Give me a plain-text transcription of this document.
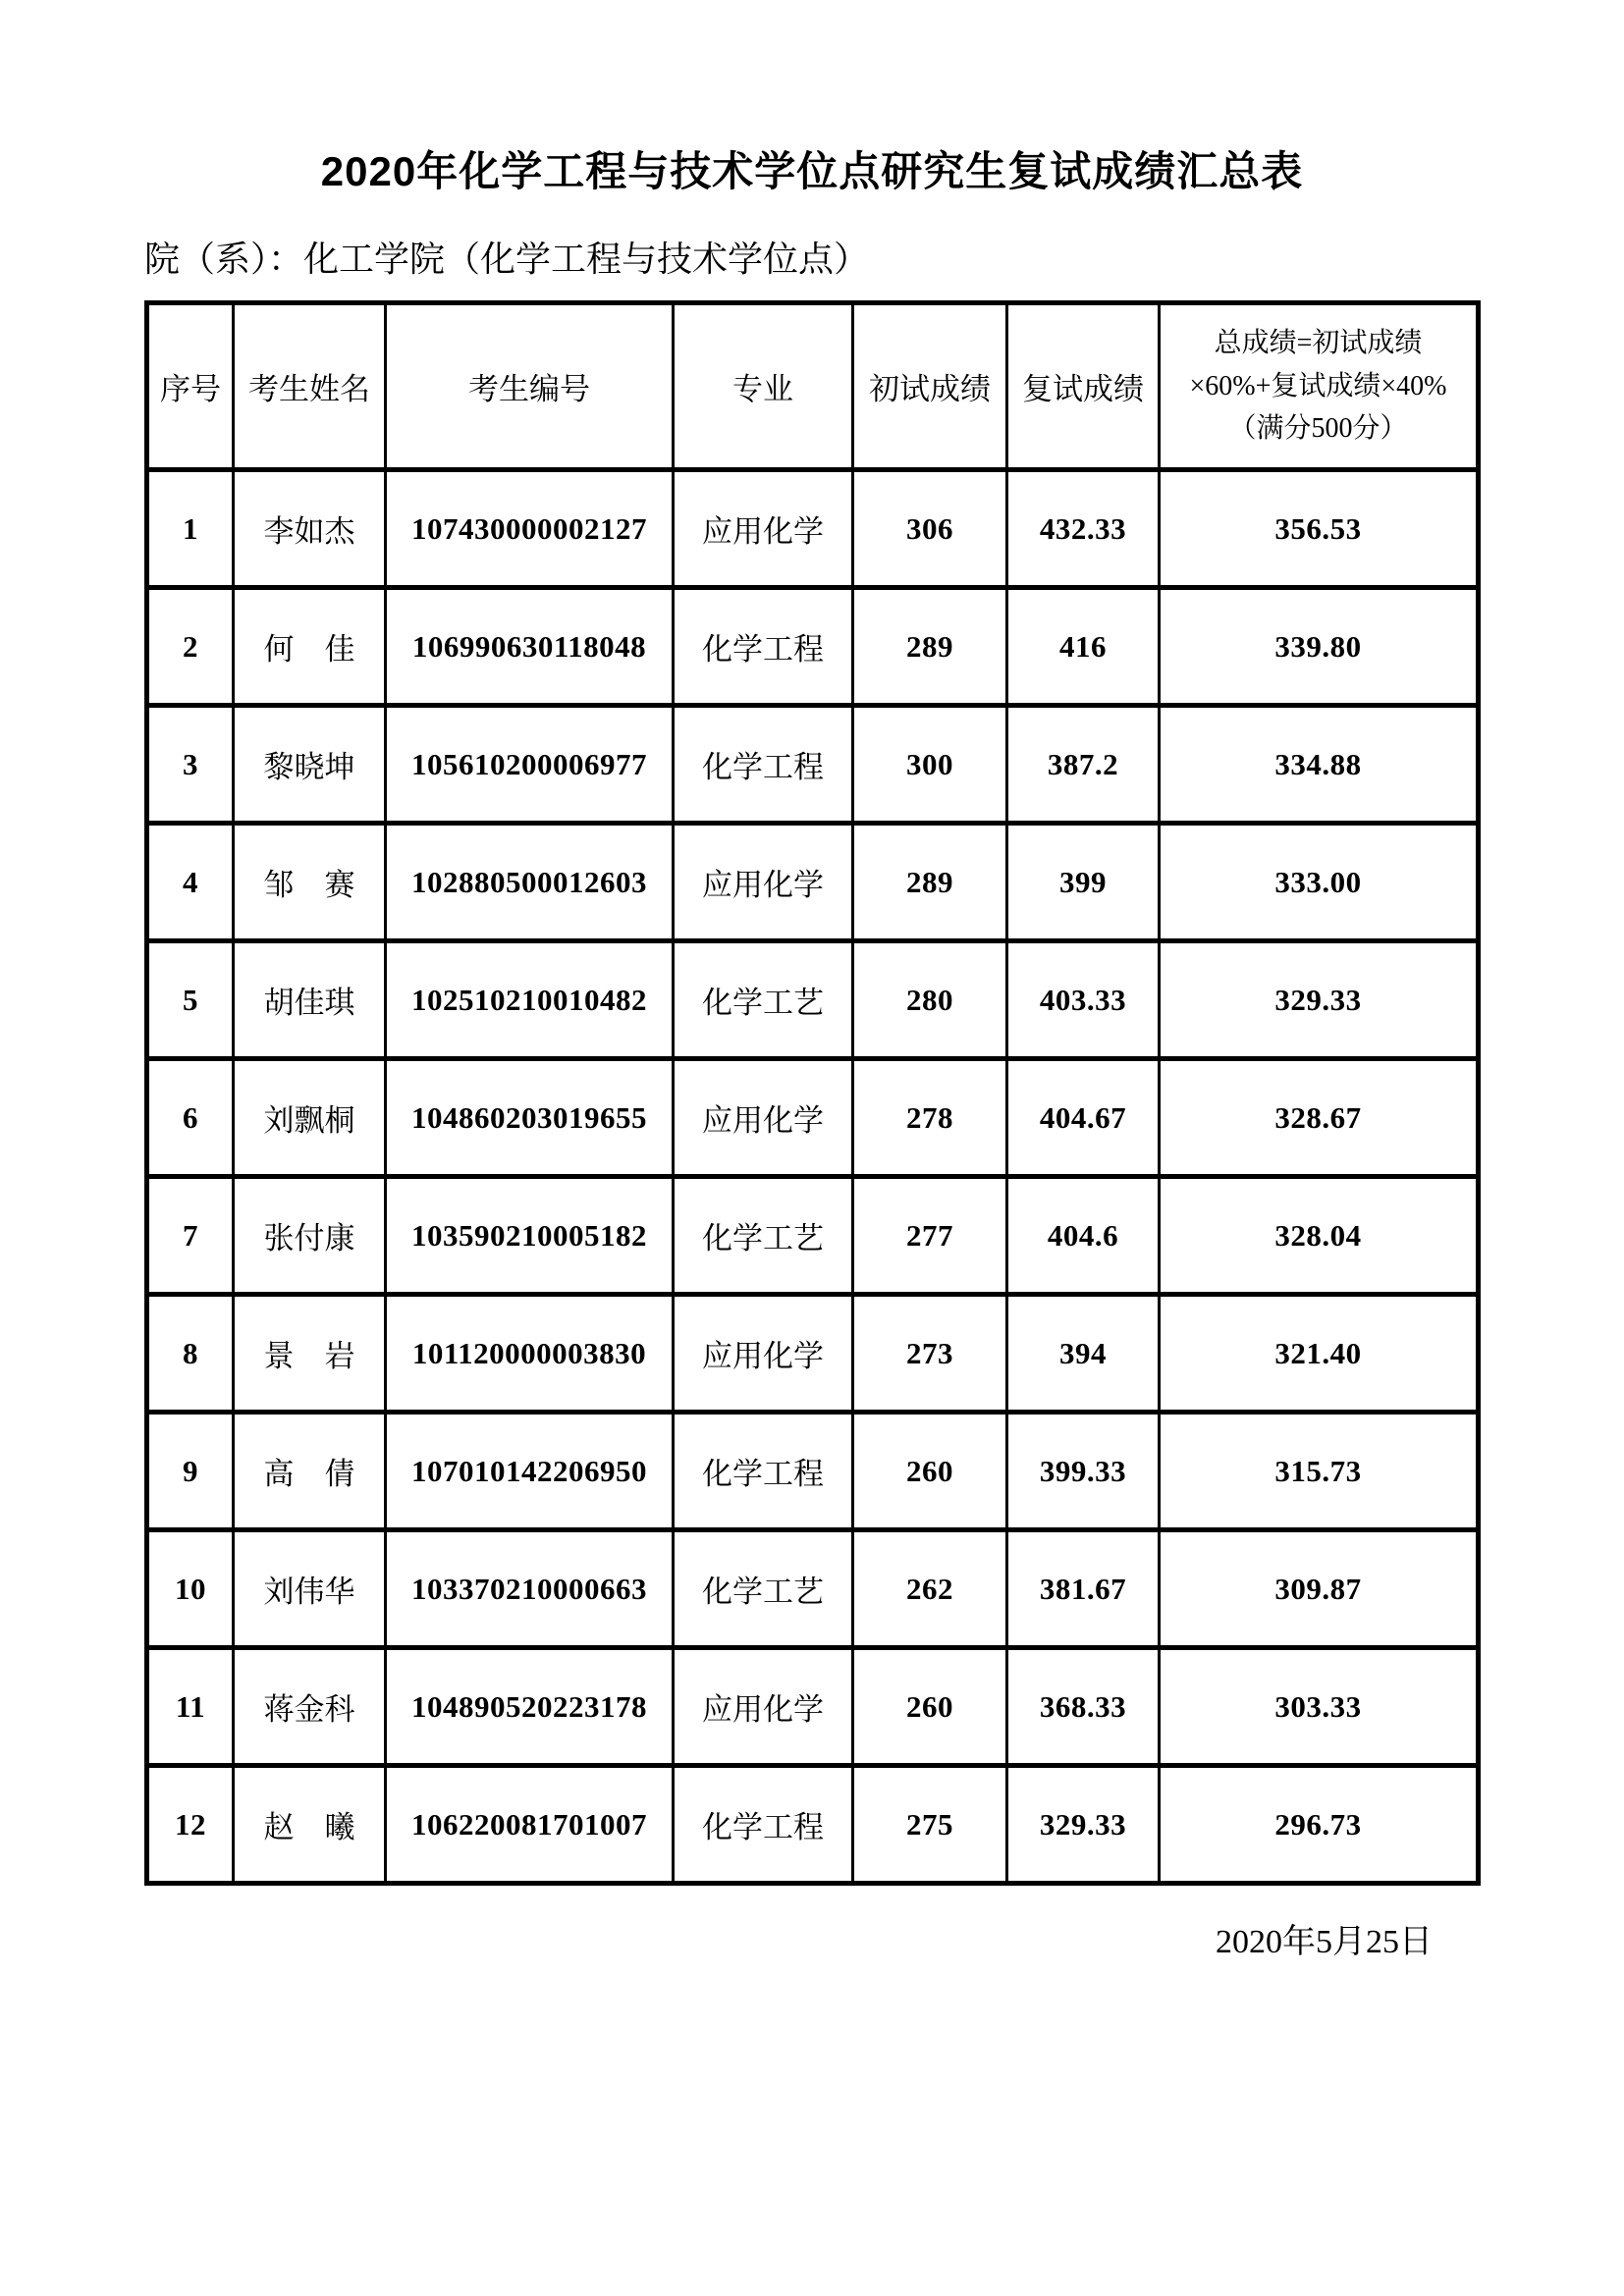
2020年化学工程与技术学位点研究生复试成绩汇总表
院（系）：化工学院（化学工程与技术学位点）
序号	考生姓名	考生编号	专业	初试成绩	复试成绩	总成绩=初试成绩×60%+复试成绩×40%（满分500分）
1	李如杰	107430000002127	应用化学	306	432.33	356.53
2	何　佳	106990630118048	化学工程	289	416	339.80
3	黎晓坤	105610200006977	化学工程	300	387.2	334.88
4	邹　赛	102880500012603	应用化学	289	399	333.00
5	胡佳琪	102510210010482	化学工艺	280	403.33	329.33
6	刘飘桐	104860203019655	应用化学	278	404.67	328.67
7	张付康	103590210005182	化学工艺	277	404.6	328.04
8	景　岩	101120000003830	应用化学	273	394	321.40
9	高　倩	107010142206950	化学工程	260	399.33	315.73
10	刘伟华	103370210000663	化学工艺	262	381.67	309.87
11	蒋金科	104890520223178	应用化学	260	368.33	303.33
12	赵　曦	106220081701007	化学工程	275	329.33	296.73
2020年5月25日
